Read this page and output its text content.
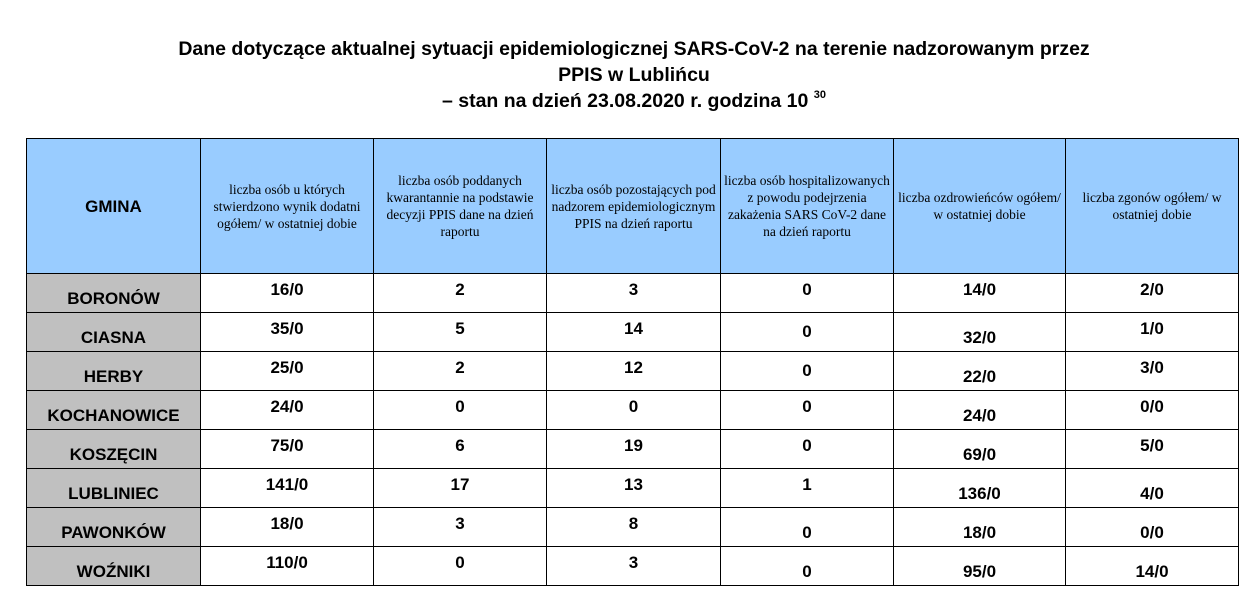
Dane dotyczące aktualnej sytuacji epidemiologicznej SARS-CoV-2 na terenie nadzorowanym przez
PPIS w Lublińcu
– stan na dzień 23.08.2020 r. godzina 10 $^{30}$
GMINA	liczba osób u których stwierdzono wynik dodatni ogółem/ w ostatniej dobie	liczba osób poddanych kwarantannie na podstawie decyzji PPIS dane na dzień raportu	liczba osób pozostających pod nadzorem epidemiologicznym PPIS na dzień raportu	liczba osób hospitalizowanych z powodu podejrzenia zakażenia SARS CoV-2 dane na dzień raportu	liczba ozdrowieńców ogółem/ w ostatniej dobie	liczba zgonów ogółem/ w ostatniej dobie
BORONÓW	16/0	2	3	0	14/0	2/0
CIASNA	35/0	5	14	0	32/0	1/0
HERBY	25/0	2	12	0	22/0	3/0
KOCHANOWICE	24/0	0	0	0	24/0	0/0
KOSZĘCIN	75/0	6	19	0	69/0	5/0
LUBLINIEC	141/0	17	13	1	136/0	4/0
PAWONKÓW	18/0	3	8	0	18/0	0/0
WOŹNIKI	110/0	0	3	0	95/0	14/0
